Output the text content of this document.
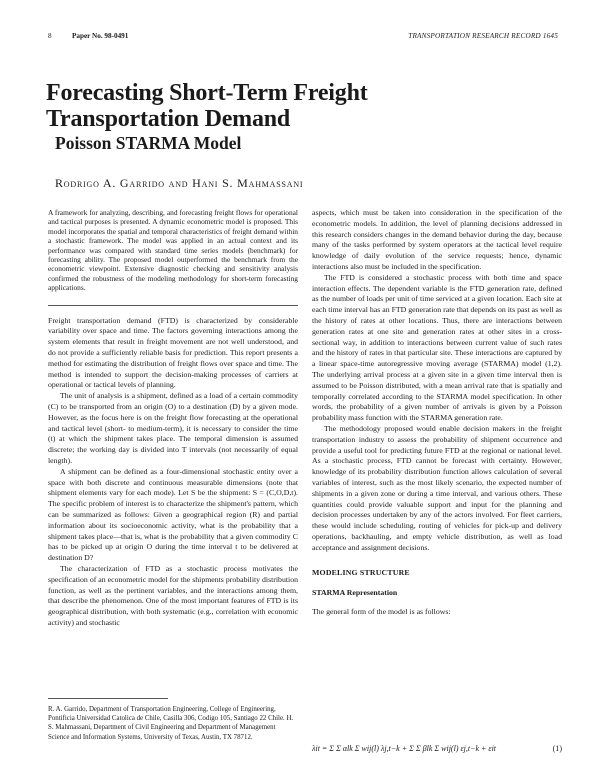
8	Paper No. 98-0491	TRANSPORTATION RESEARCH RECORD 1645
Forecasting Short-Term Freight
Transportation Demand
Poisson STARMA Model
Rodrigo A. Garrido and Hani S. Mahmassani

A framework for analyzing, describing, and forecasting freight flows for operational and tactical purposes is presented. A dynamic econometric model is proposed. This model incorporates the spatial and temporal characteristics of freight demand within a stochastic framework. The model was applied in an actual context and its performance was compared with standard time series models (benchmark) for forecasting ability. The proposed model outperformed the benchmark from the econometric viewpoint. Extensive diagnostic checking and sensitivity analysis confirmed the robustness of the modeling methodology for short-term forecasting applications.

Freight transportation demand (FTD) is characterized by considerable variability over space and time. The factors governing interactions among the system elements that result in freight movement are not well understood, and do not provide a sufficiently reliable basis for prediction. This report presents a method for estimating the distribution of freight flows over space and time. The method is intended to support the decision-making processes of carriers at operational or tactical levels of planning.

The unit of analysis is a shipment, defined as a load of a certain commodity (C) to be transported from an origin (O) to a destination (D) by a given mode. However, as the focus here is on the freight flow forecasting at the operational and tactical level (short- to medium-term), it is necessary to consider the time (t) at which the shipment takes place. The temporal dimension is assumed discrete; the working day is divided into T intervals (not necessarily of equal length).

A shipment can be defined as a four-dimensional stochastic entity over a space with both discrete and continuous measurable dimensions (note that shipment elements vary for each mode). Let S be the shipment: S = (C,O,D,t). The specific problem of interest is to characterize the shipment's pattern, which can be summarized as follows: Given a geographical region (R) and partial information about its socioeconomic activity, what is the probability that a shipment takes place—that is, what is the probability that a given commodity C has to be picked up at origin O during the time interval t to be delivered at destination D?

The characterization of FTD as a stochastic process motivates the specification of an econometric model for the shipments probability distribution function, as well as the pertinent variables, and the interactions among them, that describe the phenomenon. One of the most important features of FTD is its geographical distribution, with both systematic (e.g., correlation with economic activity) and stochastic

R. A. Garrido, Department of Transportation Engineering, College of Engineering, Pontificia Universidad Catolica de Chile, Casilla 306, Codigo 105, Santiago 22 Chile. H. S. Mahmassani, Department of Civil Engineering and Department of Management Science and Information Systems, University of Texas, Austin, TX 78712.

aspects, which must be taken into consideration in the specification of the econometric models. In addition, the level of planning decisions addressed in this research considers changes in the demand behavior during the day, because many of the tasks performed by system operators at the tactical level require knowledge of daily evolution of the service requests; hence, dynamic interactions also must be included in the specification.

The FTD is considered a stochastic process with both time and space interaction effects. The dependent variable is the FTD generation rate, defined as the number of loads per unit of time serviced at a given location. Each site at each time interval has an FTD generation rate that depends on its past as well as the history of rates at other locations. Thus, there are interactions between generation rates at one site and generation rates at other sites in a cross-sectional way, in addition to interactions between current value of such rates and the history of rates in that particular site. These interactions are captured by a linear space-time autoregressive moving average (STARMA) model (1,2). The underlying arrival process at a given site in a given time interval then is assumed to be Poisson distributed, with a mean arrival rate that is spatially and temporally correlated according to the STARMA model specification. In other words, the probability of a given number of arrivals is given by a Poisson probability mass function with the STARMA generation rate.

The methodology proposed would enable decision makers in the freight transportation industry to assess the probability of shipment occurrence and provide a useful tool for predicting future FTD at the regional or national level. As a stochastic process, FTD cannot be forecast with certainty. However, knowledge of its probability distribution function allows calculation of several variables of interest, such as the most likely scenario, the expected number of shipments in a given zone or during a time interval, and various others. These quantities could provide valuable support and input for the planning and decision processes undertaken by any of the actors involved. For fleet carriers, these would include scheduling, routing of vehicles for pick-up and delivery operations, backhauling, and empty vehicle distribution, as well as load acceptance and assignment decisions.

MODELING STRUCTURE
STARMA Representation

The general form of the model is as follows:

λit = Σ Σ αlk Σ wij(l) λj,t−k + Σ Σ βlk Σ wij(l) εj,t−k + εit	(1)
